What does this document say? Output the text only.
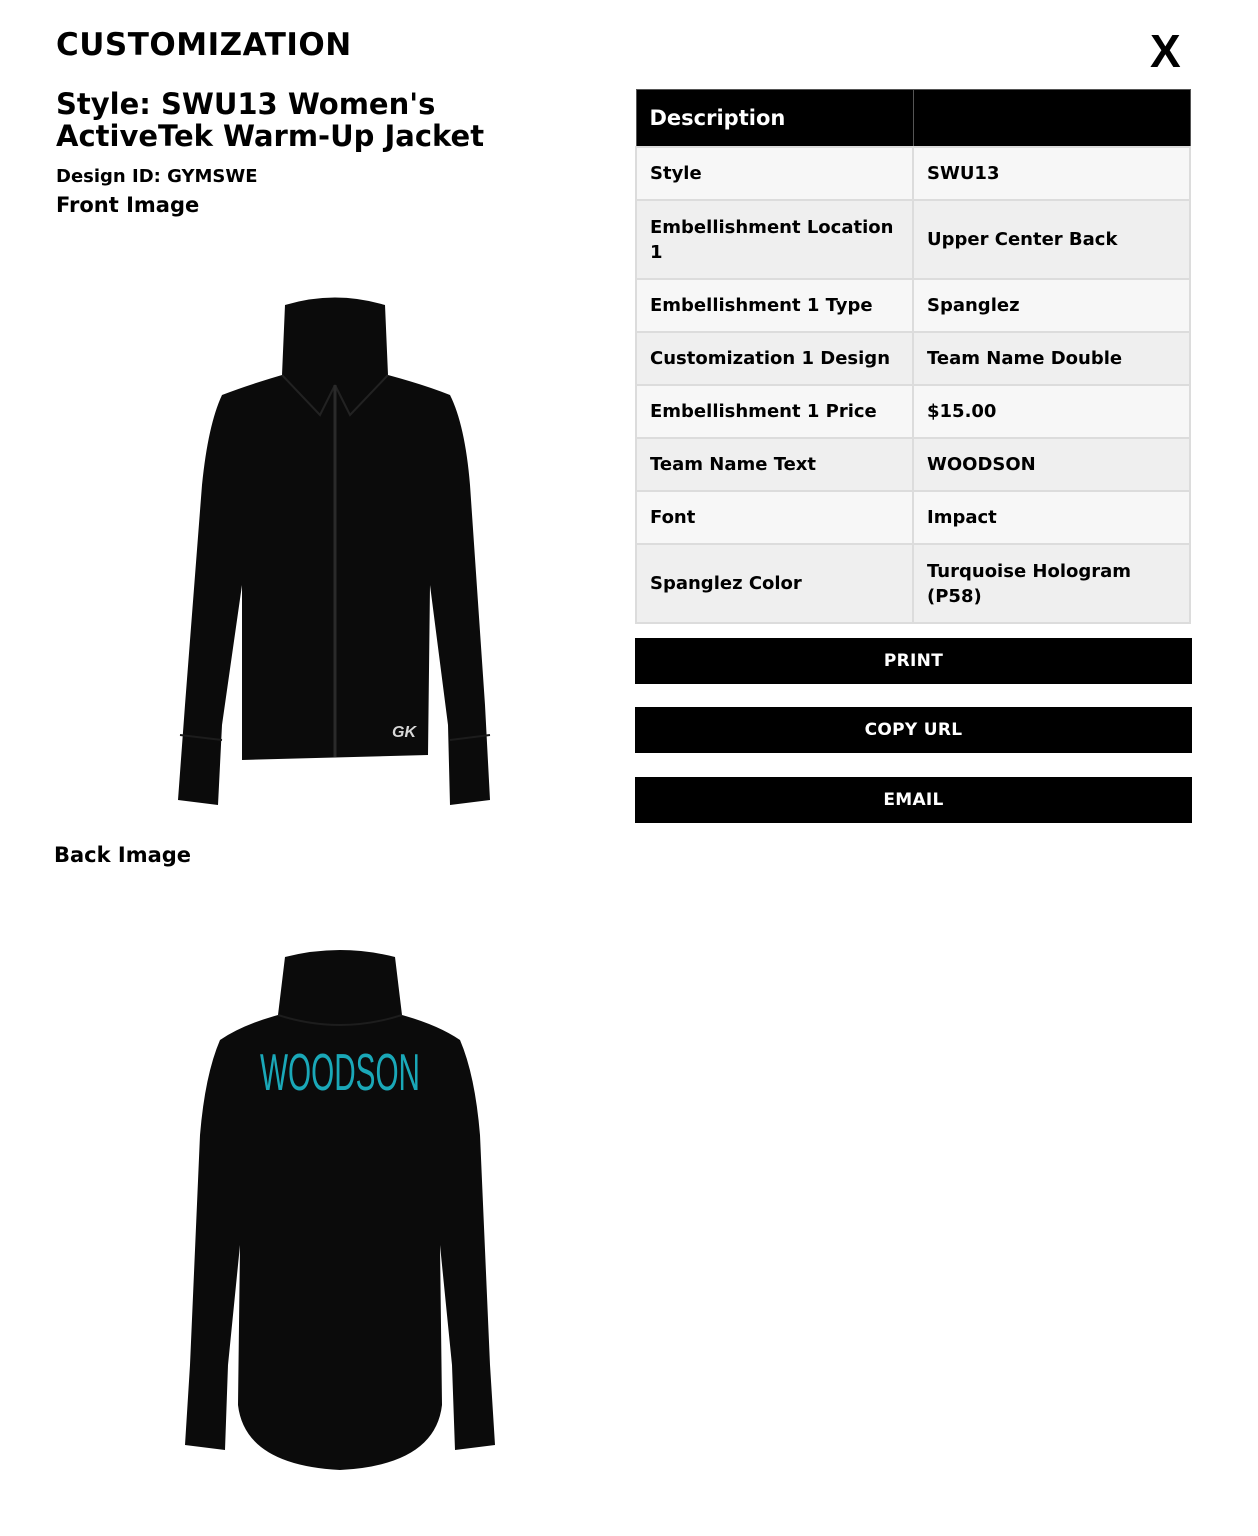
CUSTOMIZATION	X
Style: SWU13 Women's ActiveTek Warm-Up Jacket
Design ID: GYMSWE
Front Image
GK
Back Image
WOODSON
Description	
Style	SWU13
Embellishment Location 1	Upper Center Back
Embellishment 1 Type	Spanglez
Customization 1 Design	Team Name Double
Embellishment 1 Price	$15.00
Team Name Text	WOODSON
Font	Impact
Spanglez Color	Turquoise Hologram (P58)
PRINT
COPY URL
EMAIL
